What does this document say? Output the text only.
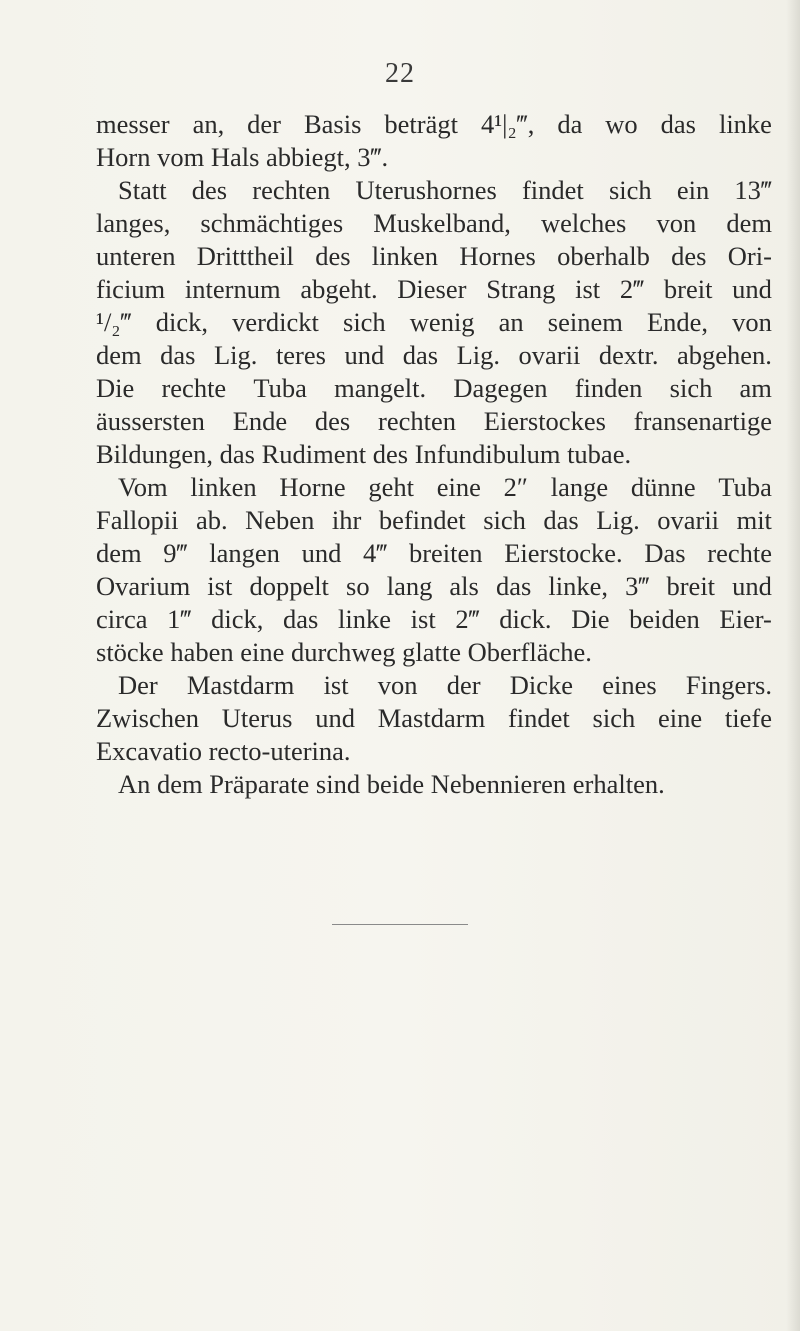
22
messer an, der Basis beträgt 4¹|₂‴, da wo das linke
Horn vom Hals abbiegt, 3‴.
Statt des rechten Uterushornes findet sich ein 13‴
langes, schmächtiges Muskelband, welches von dem
unteren Dritttheil des linken Hornes oberhalb des Ori-
ficium internum abgeht. Dieser Strang ist 2‴ breit und
¹/₂‴ dick, verdickt sich wenig an seinem Ende, von
dem das Lig. teres und das Lig. ovarii dextr. abgehen.
Die rechte Tuba mangelt. Dagegen finden sich am
äussersten Ende des rechten Eierstockes fransenartige
Bildungen, das Rudiment des Infundibulum tubae.
Vom linken Horne geht eine 2″ lange dünne Tuba
Fallopii ab. Neben ihr befindet sich das Lig. ovarii mit
dem 9‴ langen und 4‴ breiten Eierstocke. Das rechte
Ovarium ist doppelt so lang als das linke, 3‴ breit und
circa 1‴ dick, das linke ist 2‴ dick. Die beiden Eier-
stöcke haben eine durchweg glatte Oberfläche.
Der Mastdarm ist von der Dicke eines Fingers.
Zwischen Uterus und Mastdarm findet sich eine tiefe
Excavatio recto-uterina.
An dem Präparate sind beide Nebennieren erhalten.
